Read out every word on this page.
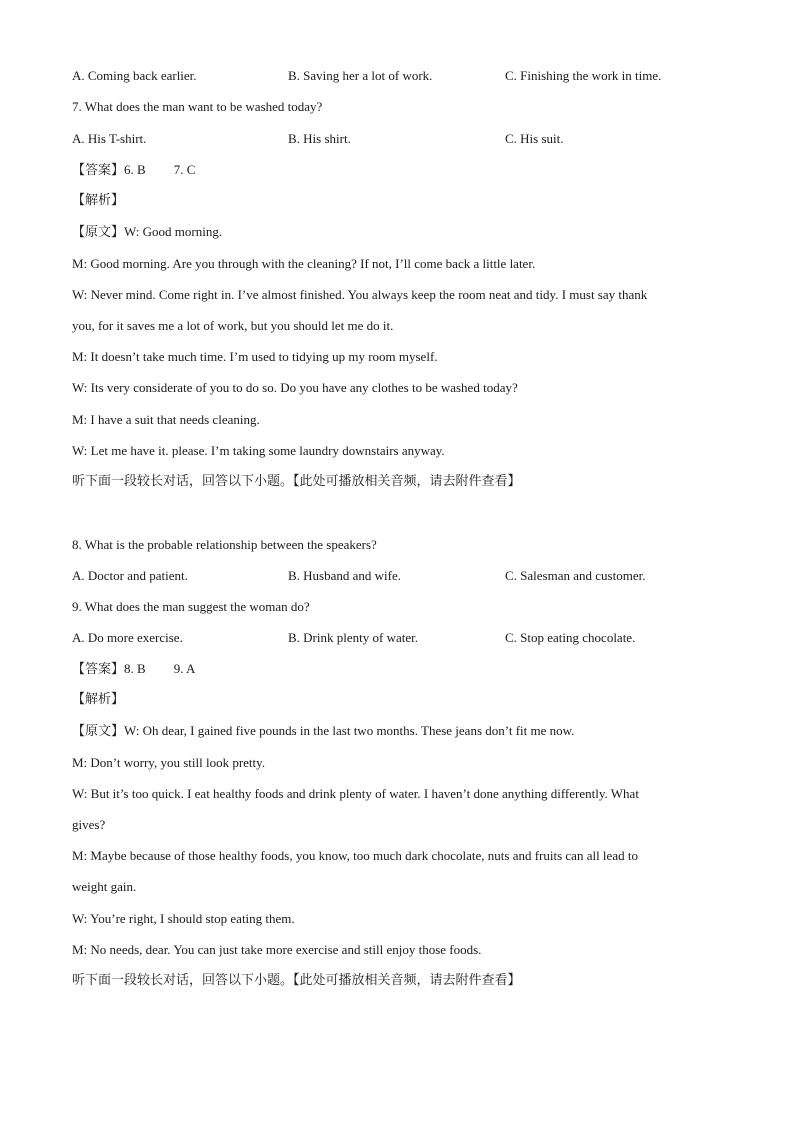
A. Coming back earlier.	B. Saving her a lot of work.	C. Finishing the work in time.
7. What does the man want to be washed today?
A. His T-shirt.	B. His shirt.	C. His suit.
【答案】6. B 7. C
【解析】
【原文】W: Good morning.
M: Good morning. Are you through with the cleaning? If not, I’ll come back a little later.
W: Never mind. Come right in. I’ve almost finished. You always keep the room neat and tidy. I must say thank
you, for it saves me a lot of work, but you should let me do it.
M: It doesn’t take much time. I’m used to tidying up my room myself.
W: Its very considerate of you to do so. Do you have any clothes to be washed today?
M: I have a suit that needs cleaning.
W: Let me have it. please. I’m taking some laundry downstairs anyway.
听下面一段较长对话，回答以下小题。【此处可播放相关音频，请去附件查看】
8. What is the probable relationship between the speakers?
A. Doctor and patient.	B. Husband and wife.	C. Salesman and customer.
9. What does the man suggest the woman do?
A. Do more exercise.	B. Drink plenty of water.	C. Stop eating chocolate.
【答案】8. B 9. A
【解析】
【原文】W: Oh dear, I gained five pounds in the last two months. These jeans don’t fit me now.
M: Don’t worry, you still look pretty.
W: But it’s too quick. I eat healthy foods and drink plenty of water. I haven’t done anything differently. What
gives?
M: Maybe because of those healthy foods, you know, too much dark chocolate, nuts and fruits can all lead to
weight gain.
W: You’re right, I should stop eating them.
M: No needs, dear. You can just take more exercise and still enjoy those foods.
听下面一段较长对话，回答以下小题。【此处可播放相关音频，请去附件查看】
